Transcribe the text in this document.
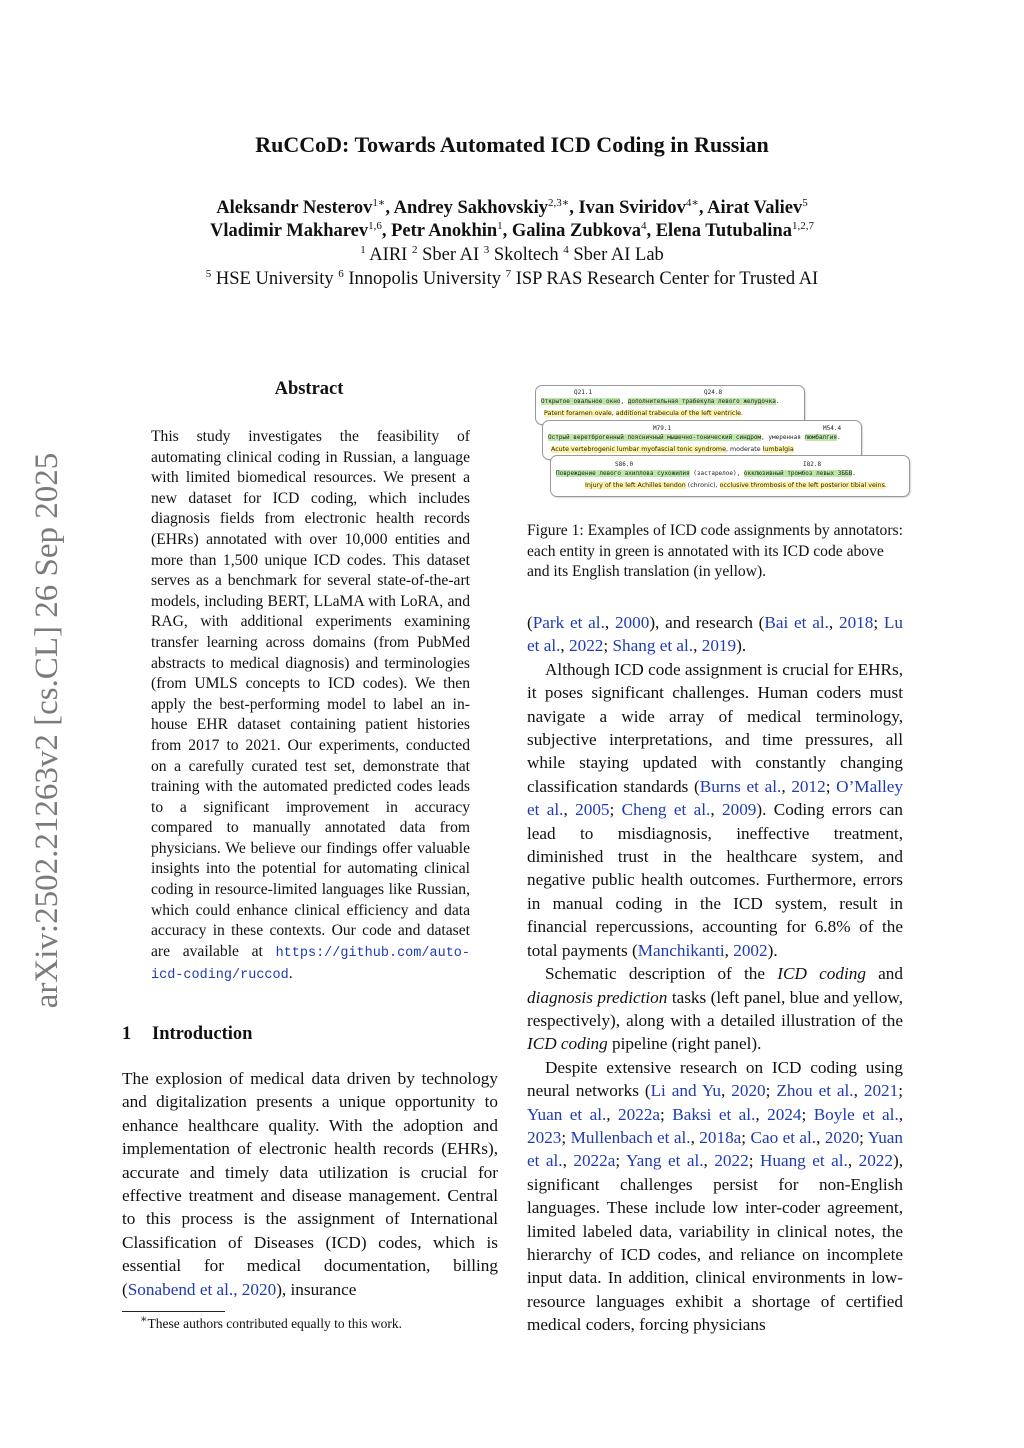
RuCCoD: Towards Automated ICD Coding in Russian
Aleksandr Nesterov$^{1∗}$, Andrey Sakhovskiy$^{2,3∗}$, Ivan Sviridov$^{4∗}$, Airat Valiev$^5$
Vladimir Makharev$^{1,6}$, Petr Anokhin$^1$, Galina Zubkova$^4$, Elena Tutubalina$^{1,2,7}$
$^1$ AIRI $^2$ Sber AI $^3$ Skoltech $^4$ Sber AI Lab
$^5$ HSE University $^6$ Innopolis University $^7$ ISP RAS Research Center for Trusted AI
arXiv:2502.21263v2 [cs.CL] 26 Sep 2025
Abstract
This study investigates the feasibility of automating clinical coding in Russian, a language with limited biomedical resources. We present a new dataset for ICD coding, which includes diagnosis fields from electronic health records (EHRs) annotated with over 10,000 entities and more than 1,500 unique ICD codes. This dataset serves as a benchmark for several state-of-the-art models, including BERT, LLaMA with LoRA, and RAG, with additional experiments examining transfer learning across domains (from PubMed abstracts to medical diagnosis) and terminologies (from UMLS concepts to ICD codes). We then apply the best-performing model to label an in-house EHR dataset containing patient histories from 2017 to 2021. Our experiments, conducted on a carefully curated test set, demonstrate that training with the automated predicted codes leads to a significant improvement in accuracy compared to manually annotated data from physicians. We believe our findings offer valuable insights into the potential for automating clinical coding in resource-limited languages like Russian, which could enhance clinical efficiency and data accuracy in these contexts. Our code and dataset are available at https://github.com/auto-icd-coding/ruccod.
1 Introduction
The explosion of medical data driven by technology and digitalization presents a unique opportunity to enhance healthcare quality. With the adoption and implementation of electronic health records (EHRs), accurate and timely data utilization is crucial for effective treatment and disease management. Central to this process is the assignment of International Classification of Diseases (ICD) codes, which is essential for medical documentation, billing (Sonabend et al., 2020), insurance
∗These authors contributed equally to this work.
Q21.1	Q24.8
Открытое овальное окно, дополнительная трабекула левого желудочка.
Patent foramen ovale, additional trabecula of the left ventricle.
M79.1	M54.4
Острый веретброгенный поясничный мышечно-тонический синдром, умеренная люмбалгия.
Acute vertebrogenic lumbar myofascial tonic syndrome, moderate lumbalgia
S86.0	I82.8
Повреждение левого ахиллова сухожилия (застарелое), окклюзивный тромбоз левых ЗББВ.
Injury of the left Achilles tendon (chronic), occlusive thrombosis of the left posterior tibial veins.
Figure 1: Examples of ICD code assignments by annotators: each entity in green is annotated with its ICD code above and its English translation (in yellow).

(Park et al., 2000), and research (Bai et al., 2018; Lu et al., 2022; Shang et al., 2019).

Although ICD code assignment is crucial for EHRs, it poses significant challenges. Human coders must navigate a wide array of medical terminology, subjective interpretations, and time pressures, all while staying updated with constantly changing classification standards (Burns et al., 2012; O’Malley et al., 2005; Cheng et al., 2009). Coding errors can lead to misdiagnosis, ineffective treatment, diminished trust in the healthcare system, and negative public health outcomes. Furthermore, errors in manual coding in the ICD system, result in financial repercussions, accounting for 6.8% of the total payments (Manchikanti, 2002).

Schematic description of the ICD coding and diagnosis prediction tasks (left panel, blue and yellow, respectively), along with a detailed illustration of the ICD coding pipeline (right panel).

Despite extensive research on ICD coding using neural networks (Li and Yu, 2020; Zhou et al., 2021; Yuan et al., 2022a; Baksi et al., 2024; Boyle et al., 2023; Mullenbach et al., 2018a; Cao et al., 2020; Yuan et al., 2022a; Yang et al., 2022; Huang et al., 2022), significant challenges persist for non-English languages. These include low inter-coder agreement, limited labeled data, variability in clinical notes, the hierarchy of ICD codes, and reliance on incomplete input data. In addition, clinical environments in low-resource languages exhibit a shortage of certified medical coders, forcing physicians
